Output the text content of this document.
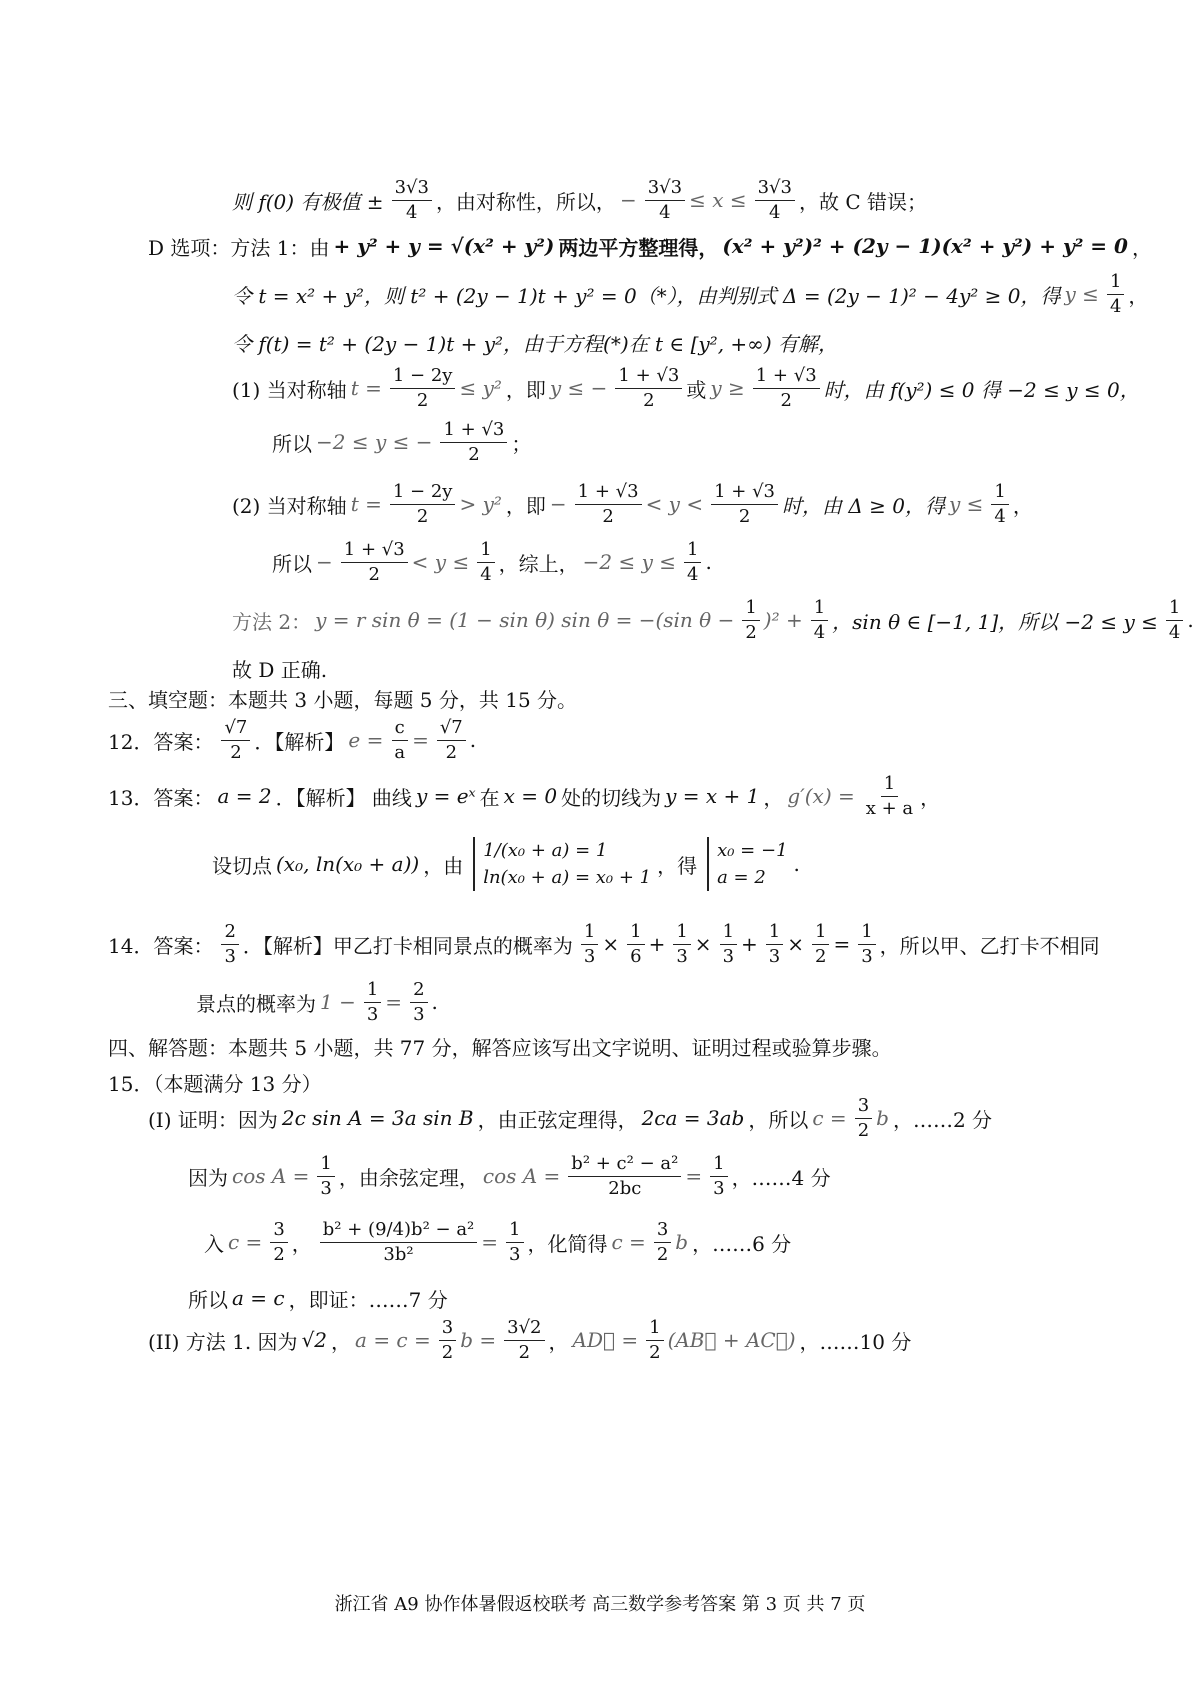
则 f(0) 有极值 ± $\frac{3√3}{4}$ ，由对称性，所以， − $\frac{3√3}{4} \le x \le \frac{3√3}{4}$ ，故 C 错误；
D 选项：方法 1：由 + y² + y = √(x² + y²) 两边平方整理得， (x² + y²)² + (2y − 1)(x² + y²) + y² = 0 ，
令 t = x² + y²，则 t² + (2y − 1)t + y² = 0（*），由判别式 Δ = (2y − 1)² − 4y² ≥ 0，得 $y \le \frac{1}{4}$ ，
令 f(t) = t² + (2y − 1)t + y²，由于方程(*)在 t ∈ [y², +∞) 有解，
(1) 当对称轴 $t = \frac{1 - 2y}{2} \le y^2$ ，即 y ≤ − $\frac{1 + √3}{2}$ 或 $y \ge \frac{1 + √3}{2}$ 时，由 f(y²) ≤ 0 得 −2 ≤ y ≤ 0，
所以 −2 ≤ y ≤ − $\frac{1 + √3}{2}$ ；
(2) 当对称轴 $t = \frac{1 - 2y}{2} > y^2$ ，即 − $\frac{1 + √3}{2} < y < \frac{1 + √3}{2}$ 时，由 Δ ≥ 0，得 $y \le \frac{1}{4}$ ，
所以 − $\frac{1 + √3}{2} < y \le \frac{1}{4}$ ，综上， $-2 \le y \le \frac{1}{4}$ .
方法 2： y = r sin θ = (1 − sin θ) sin θ = −(sin $\theta - \frac{1}{2} )^2 + \frac{1}{4}$ ，sin θ ∈ [−1, 1]，所以 $-2 \le y \le \frac{1}{4}$ .
故 D 正确.
三、填空题：本题共 3 小题，每题 5 分，共 15 分。
12．答案： $\frac{√7}{2}$ ．【解析】 $e = \frac{c}{a} = \frac{√7}{2}$ .
13．答案： a = 2 ．【解析】 曲线 y = eˣ 在 x = 0 处的切线为 y = x + 1 ， $g'(x) = \frac{1}{x + a}$ ，
设切点 (x₀, ln(x₀ + a)) ，由
1/(x₀ + a) = 1
ln(x₀ + a) = x₀ + 1 ，得
x₀ = −1
a = 2
.
14．答案： $\frac{2}{3}$ ．【解析】甲乙打卡相同景点的概率为 $\frac{1}{3} \times \frac{1}{6} + \frac{1}{3} \times \frac{1}{3} + \frac{1}{3} \times \frac{1}{2} = \frac{1}{3}$ ，所以甲、乙打卡不相同
景点的概率为 $1 - \frac{1}{3} = \frac{2}{3}$ .
四、解答题：本题共 5 小题，共 77 分，解答应该写出文字说明、证明过程或验算步骤。
15．（本题满分 13 分）
(I) 证明：因为 2c sin A = 3a sin B ，由正弦定理得， 2ca = 3ab ，所以 $c = \frac{3}{2}$ b ，……2 分
因为 $\cos A = \frac{1}{3}$ ，由余弦定理， $\cos A = \frac{\text{b² + c² − a²}}{2bc} = \frac{1}{3}$ ，……4 分
入 $c = \frac{3}{2}$ ， $\frac{\text{b² + (9/4)b² − a²}}{\text{3b²}} = \frac{1}{3}$ ，化简得 $c = \frac{3}{2}$ b ，……6 分
所以 a = c ，即证：……7 分
(II) 方法 1. 因为 √2 ， $a = c = \frac{3}{2}$ $b = \frac{3√2}{2}$ ， AD⃗ = $\frac{1}{2}$ (AB⃗ + AC⃗) ，……10 分
浙江省 A9 协作体暑假返校联考 高三数学参考答案 第 3 页 共 7 页
